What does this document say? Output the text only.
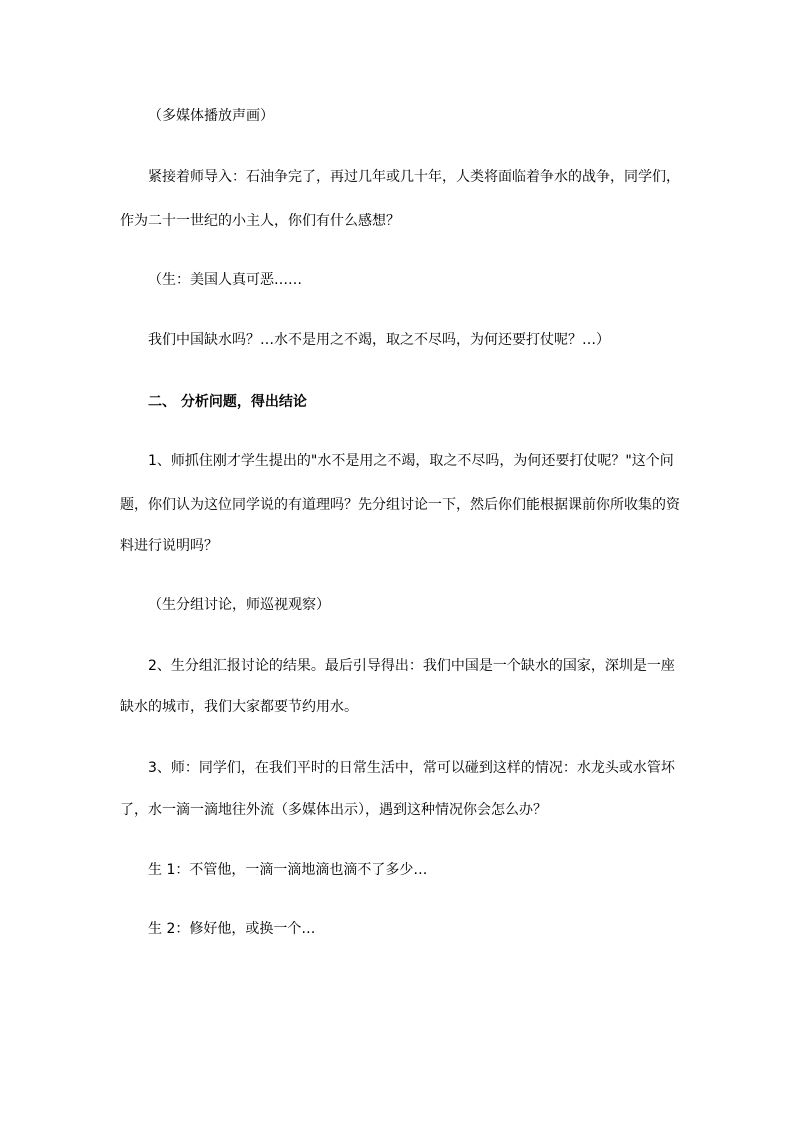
（多媒体播放声画）

紧接着师导入：石油争完了，再过几年或几十年，人类将面临着争水的战争，同学们，

作为二十一世纪的小主人，你们有什么感想？

（生：美国人真可恶……

我们中国缺水吗？…水不是用之不竭，取之不尽吗，为何还要打仗呢？…）

二、 分析问题，得出结论

1、师抓住刚才学生提出的"水不是用之不竭，取之不尽吗，为何还要打仗呢？"这个问

题，你们认为这位同学说的有道理吗？先分组讨论一下，然后你们能根据课前你所收集的资

料进行说明吗？

（生分组讨论，师巡视观察）

2、生分组汇报讨论的结果。最后引导得出：我们中国是一个缺水的国家，深圳是一座

缺水的城市，我们大家都要节约用水。

3、师：同学们，在我们平时的日常生活中，常可以碰到这样的情况：水龙头或水管坏

了，水一滴一滴地往外流（多媒体出示），遇到这种情况你会怎么办？

生 1：不管他，一滴一滴地滴也滴不了多少…

生 2：修好他，或换一个…
